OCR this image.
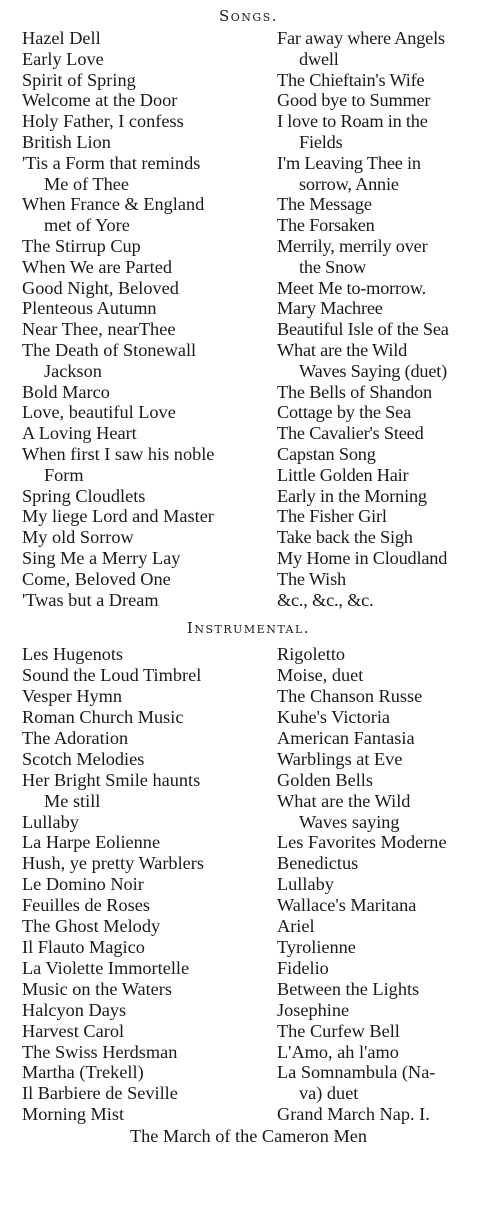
Songs.
Hazel Dell
Early Love
Spirit of Spring
Welcome at the Door
Holy Father, I confess
British Lion
'Tis a Form that reminds
Me of Thee
When France & England
met of Yore
The Stirrup Cup
When We are Parted
Good Night, Beloved
Plenteous Autumn
Near Thee, nearThee
The Death of Stonewall
Jackson
Bold Marco
Love, beautiful Love
A Loving Heart
When first I saw his noble
Form
Spring Cloudlets
My liege Lord and Master
My old Sorrow
Sing Me a Merry Lay
Come, Beloved One
'Twas but a Dream
Far away where Angels
dwell
The Chieftain's Wife
Good bye to Summer
I love to Roam in the
Fields
I'm Leaving Thee in
sorrow, Annie
The Message
The Forsaken
Merrily, merrily over
the Snow
Meet Me to-morrow.
Mary Machree
Beautiful Isle of the Sea
What are the Wild
Waves Saying (duet)
The Bells of Shandon
Cottage by the Sea
The Cavalier's Steed
Capstan Song
Little Golden Hair
Early in the Morning
The Fisher Girl
Take back the Sigh
My Home in Cloudland
The Wish
&c., &c., &c.
Instrumental.
Les Hugenots
Sound the Loud Timbrel
Vesper Hymn
Roman Church Music
The Adoration
Scotch Melodies
Her Bright Smile haunts
Me still
Lullaby
La Harpe Eolienne
Hush, ye pretty Warblers
Le Domino Noir
Feuilles de Roses
The Ghost Melody
Il Flauto Magico
La Violette Immortelle
Music on the Waters
Halcyon Days
Harvest Carol
The Swiss Herdsman
Martha (Trekell)
Il Barbiere de Seville
Morning Mist
Rigoletto
Moise, duet
The Chanson Russe
Kuhe's Victoria
American Fantasia
Warblings at Eve
Golden Bells
What are the Wild
Waves saying
Les Favorites Moderne
Benedictus
Lullaby
Wallace's Maritana
Ariel
Tyrolienne
Fidelio
Between the Lights
Josephine
The Curfew Bell
L'Amo, ah l'amo
La Somnambula (Na-
va) duet
Grand March Nap. I.
The March of the Cameron Men
